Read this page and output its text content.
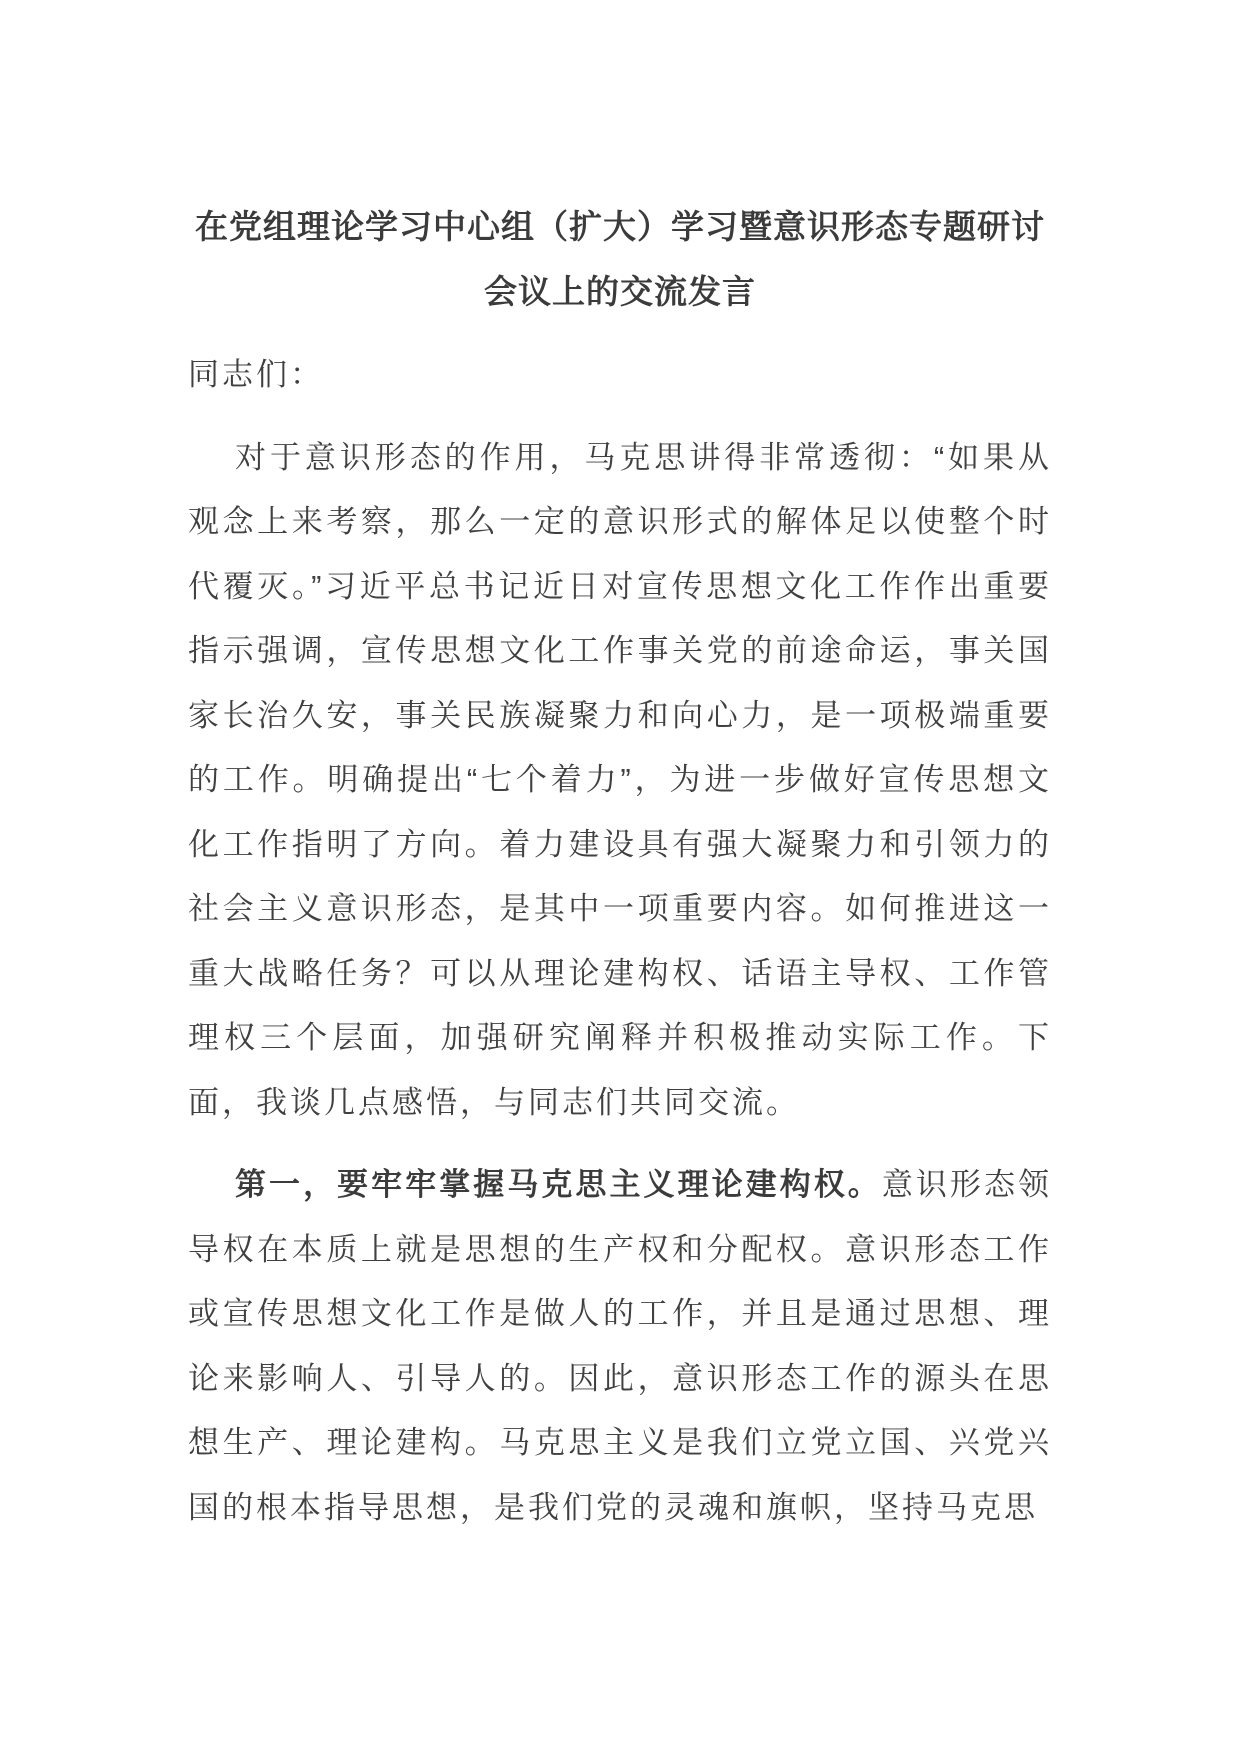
在党组理论学习中心组（扩大）学习暨意识形态专题研讨
会议上的交流发言

同志们：

对于意识形态的作用，马克思讲得非常透彻：“如果从观念上来考察，那么一定的意识形式的解体足以使整个时代覆灭。”习近平总书记近日对宣传思想文化工作作出重要指示强调，宣传思想文化工作事关党的前途命运，事关国家长治久安，事关民族凝聚力和向心力，是一项极端重要的工作。明确提出“七个着力”，为进一步做好宣传思想文化工作指明了方向。着力建设具有强大凝聚力和引领力的社会主义意识形态，是其中一项重要内容。如何推进这一重大战略任务？可以从理论建构权、话语主导权、工作管理权三个层面，加强研究阐释并积极推动实际工作。下面，我谈几点感悟，与同志们共同交流。

第一，要牢牢掌握马克思主义理论建构权。意识形态领导权在本质上就是思想的生产权和分配权。意识形态工作或宣传思想文化工作是做人的工作，并且是通过思想、理论来影响人、引导人的。因此，意识形态工作的源头在思想生产、理论建构。马克思主义是我们立党立国、兴党兴国的根本指导思想，是我们党的灵魂和旗帜，坚持马克思
